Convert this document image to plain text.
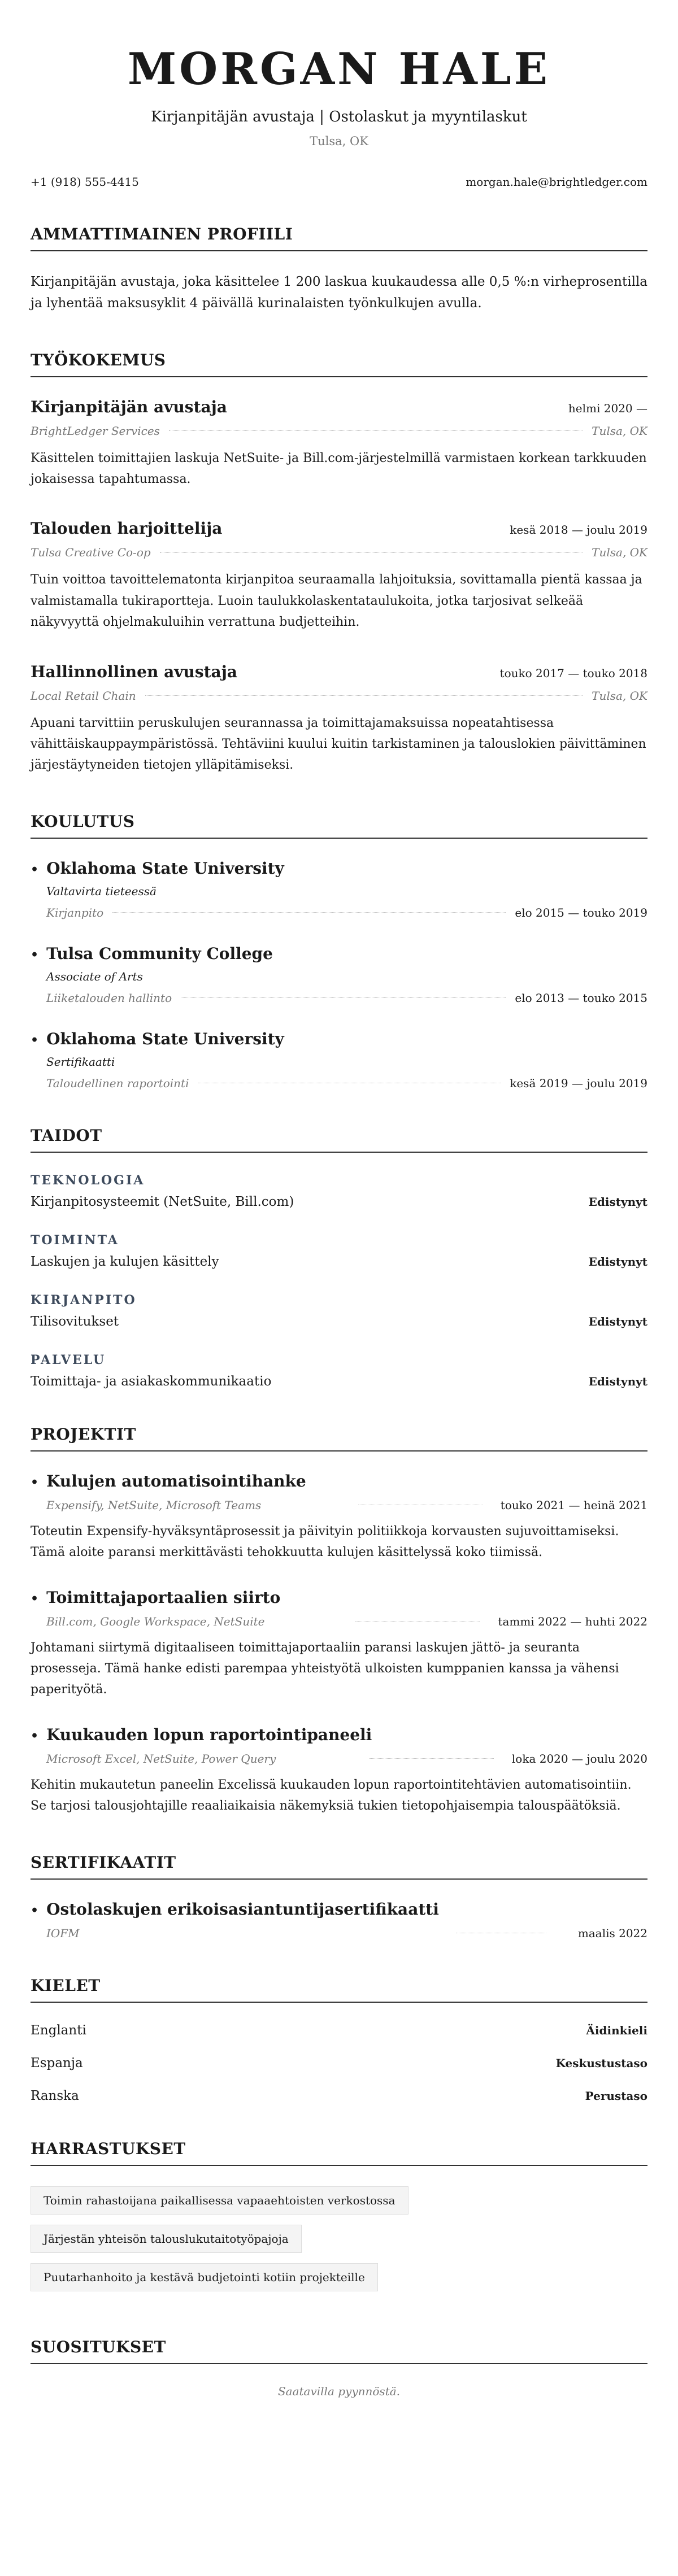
MORGAN HALE
Kirjanpitäjän avustaja | Ostolaskut ja myyntilaskut
Tulsa, OK
+1 (918) 555-4415	morgan.hale@brightledger.com
AMMATTIMAINEN PROFIILI
Kirjanpitäjän avustaja, joka käsittelee 1 200 laskua kuukaudessa alle 0,5 %:n virheprosentilla ja lyhentää maksusyklit 4 päivällä kurinalaisten työnkulkujen avulla.
TYÖKOKEMUS
Kirjanpitäjän avustaja	helmi 2020 —
BrightLedger Services	Tulsa, OK
Käsittelen toimittajien laskuja NetSuite- ja Bill.com-järjestelmillä varmistaen korkean tarkkuuden jokaisessa tapahtumassa.
Talouden harjoittelija	kesä 2018 — joulu 2019
Tulsa Creative Co-op	Tulsa, OK
Tuin voittoa tavoittelematonta kirjanpitoa seuraamalla lahjoituksia, sovittamalla pientä kassaa ja valmistamalla tukiraportteja. Luoin taulukkolaskentataulukoita, jotka tarjosivat selkeää näkyvyyttä ohjelmakuluihin verrattuna budjetteihin.
Hallinnollinen avustaja	touko 2017 — touko 2018
Local Retail Chain	Tulsa, OK
Apuani tarvittiin peruskulujen seurannassa ja toimittajamaksuissa nopeatahtisessa vähittäiskauppaympäristössä. Tehtäviini kuului kuitin tarkistaminen ja talouslokien päivittäminen järjestäytyneiden tietojen ylläpitämiseksi.
KOULUTUS
• Oklahoma State University
Valtavirta tieteessä
Kirjanpito	elo 2015 — touko 2019
• Tulsa Community College
Associate of Arts
Liiketalouden hallinto	elo 2013 — touko 2015
• Oklahoma State University
Sertifikaatti
Taloudellinen raportointi	kesä 2019 — joulu 2019
TAIDOT
TEKNOLOGIA
Kirjanpitosysteemit (NetSuite, Bill.com)	Edistynyt
TOIMINTA
Laskujen ja kulujen käsittely	Edistynyt
KIRJANPITO
Tilisovitukset	Edistynyt
PALVELU
Toimittaja- ja asiakaskommunikaatio	Edistynyt
PROJEKTIT
• Kulujen automatisointihanke
Expensify, NetSuite, Microsoft Teams	touko 2021 — heinä 2021
Toteutin Expensify-hyväksyntäprosessit ja päivityin politiikkoja korvausten sujuvoittamiseksi. Tämä aloite paransi merkittävästi tehokkuutta kulujen käsittelyssä koko tiimissä.
• Toimittajaportaalien siirto
Bill.com, Google Workspace, NetSuite	tammi 2022 — huhti 2022
Johtamani siirtymä digitaaliseen toimittajaportaaliin paransi laskujen jättö- ja seuranta prosesseja. Tämä hanke edisti parempaa yhteistyötä ulkoisten kumppanien kanssa ja vähensi paperityötä.
• Kuukauden lopun raportointipaneeli
Microsoft Excel, NetSuite, Power Query	loka 2020 — joulu 2020
Kehitin mukautetun paneelin Excelissä kuukauden lopun raportointitehtävien automatisointiin. Se tarjosi talousjohtajille reaaliaikaisia näkemyksiä tukien tietopohjaisempia talouspäätöksiä.
SERTIFIKAATIT
• Ostolaskujen erikoisasiantuntijasertifikaatti
IOFM	maalis 2022
KIELET
Englanti	Äidinkieli
Espanja	Keskustustaso
Ranska	Perustaso
HARRASTUKSET
Toimin rahastoijana paikallisessa vapaaehtoisten verkostossa
Järjestän yhteisön talouslukutaitotyöpajoja
Puutarhanhoito ja kestävä budjetointi kotiin projekteille
SUOSITUKSET
Saatavilla pyynnöstä.
